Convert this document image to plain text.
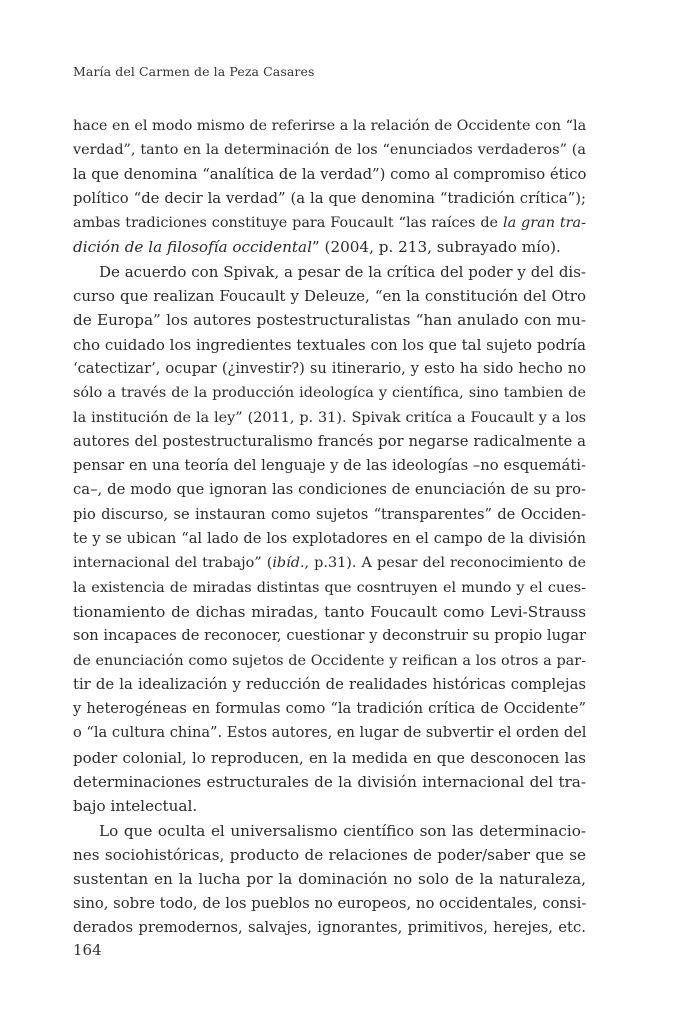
María del Carmen de la Peza Casares
hace en el modo mismo de referirse a la relación de Occidente con “la
verdad”, tanto en la determinación de los “enunciados verdaderos” (a
la que denomina “analítica de la verdad”) como al compromiso ético
político “de decir la verdad” (a la que denomina “tradición crítica”);
ambas tradiciones constituye para Foucault “las raíces de la gran tra-
dición de la filosofía occidental” (2004, p. 213, subrayado mío).
De acuerdo con Spivak, a pesar de la crítica del poder y del dis-
curso que realizan Foucault y Deleuze, “en la constitución del Otro
de Europa” los autores postestructuralistas “han anulado con mu-
cho cuidado los ingredientes textuales con los que tal sujeto podría
‘catectizar’, ocupar (¿investir?) su itinerario, y esto ha sido hecho no
sólo a través de la producción ideologíca y científica, sino tambien de
la institución de la ley” (2011, p. 31). Spivak critíca a Foucault y a los
autores del postestructuralismo francés por negarse radicalmente a
pensar en una teoría del lenguaje y de las ideologías –no esquemáti-
ca–, de modo que ignoran las condiciones de enunciación de su pro-
pio discurso, se instauran como sujetos “transparentes” de Occiden-
te y se ubican “al lado de los explotadores en el campo de la división
internacional del trabajo” (ibíd., p.31). A pesar del reconocimiento de
la existencia de miradas distintas que cosntruyen el mundo y el cues-
tionamiento de dichas miradas, tanto Foucault como Levi-Strauss
son incapaces de reconocer, cuestionar y deconstruir su propio lugar
de enunciación como sujetos de Occidente y reifican a los otros a par-
tir de la idealización y reducción de realidades históricas complejas
y heterogéneas en formulas como “la tradición crítica de Occidente”
o “la cultura china”. Estos autores, en lugar de subvertir el orden del
poder colonial, lo reproducen, en la medida en que desconocen las
determinaciones estructurales de la división internacional del tra-
bajo intelectual.
Lo que oculta el universalismo científico son las determinacio-
nes sociohistóricas, producto de relaciones de poder/saber que se
sustentan en la lucha por la dominación no solo de la naturaleza,
sino, sobre todo, de los pueblos no europeos, no occidentales, consi-
derados premodernos, salvajes, ignorantes, primitivos, herejes, etc.
164
